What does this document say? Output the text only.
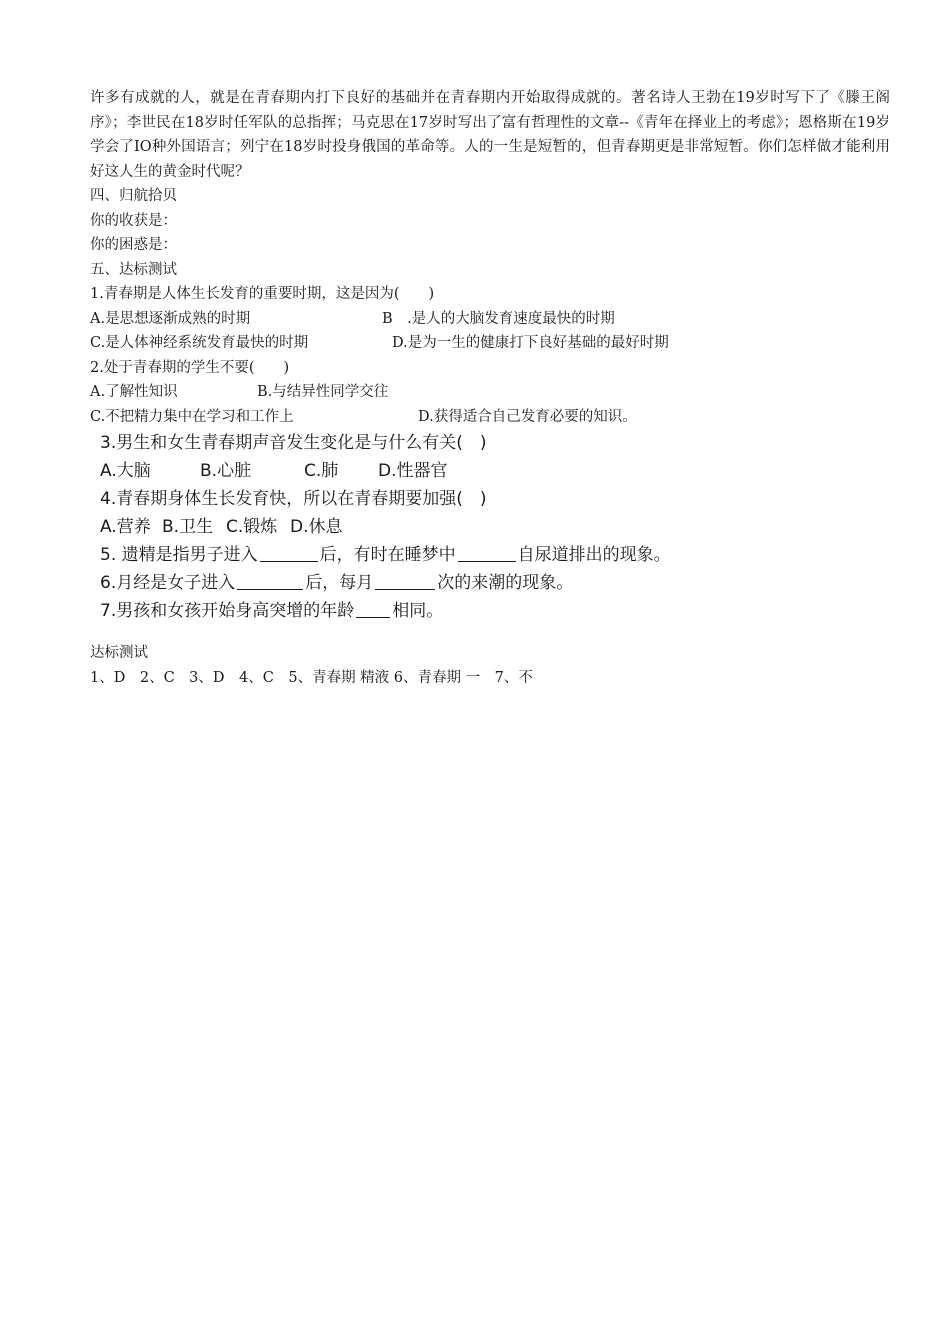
许多有成就的人，就是在青春期内打下良好的基础并在青春期内开始取得成就的。著名诗人王勃在19岁时写下了《滕王阁序》；李世民在18岁时任军队的总指挥；马克思在17岁时写出了富有哲理性的文章--《青年在择业上的考虑》；恩格斯在19岁学会了IO种外国语言；列宁在18岁时投身俄国的革命等。人的一生是短暂的，但青春期更是非常短暂。你们怎样做才能利用好这人生的黄金时代呢？
四、归航拾贝
你的收获是：
你的困惑是：
五、达标测试
1.青春期是人体生长发育的重要时期，这是因为(　　)
A.是思想逐渐成熟的时期	B　.是人的大脑发育速度最快的时期
C.是人体神经系统发育最快的时期	D.是为一生的健康打下良好基础的最好时期
2.处于青春期的学生不要(　　)
A.了解性知识	B.与结异性同学交往
C.不把精力集中在学习和工作上	D.获得适合自己发育必要的知识。
3.男生和女生青春期声音发生变化是与什么有关(　)
A.大脑	B.心脏	C.肺	D.性器官
4.青春期身体生长发育快，所以在青春期要加强(　)
A.营养 B.卫生 C.锻炼 D.休息
5. 遗精是指男子进入	后，有时在睡梦中	自尿道排出的现象。
6.月经是女子进入	后，每月	次的来潮的现象。
7.男孩和女孩开始身高突增的年龄 相同。
达标测试
1、D　2、C　3、D　4、C　5、青春期 精液 6、青春期 一　7、不
